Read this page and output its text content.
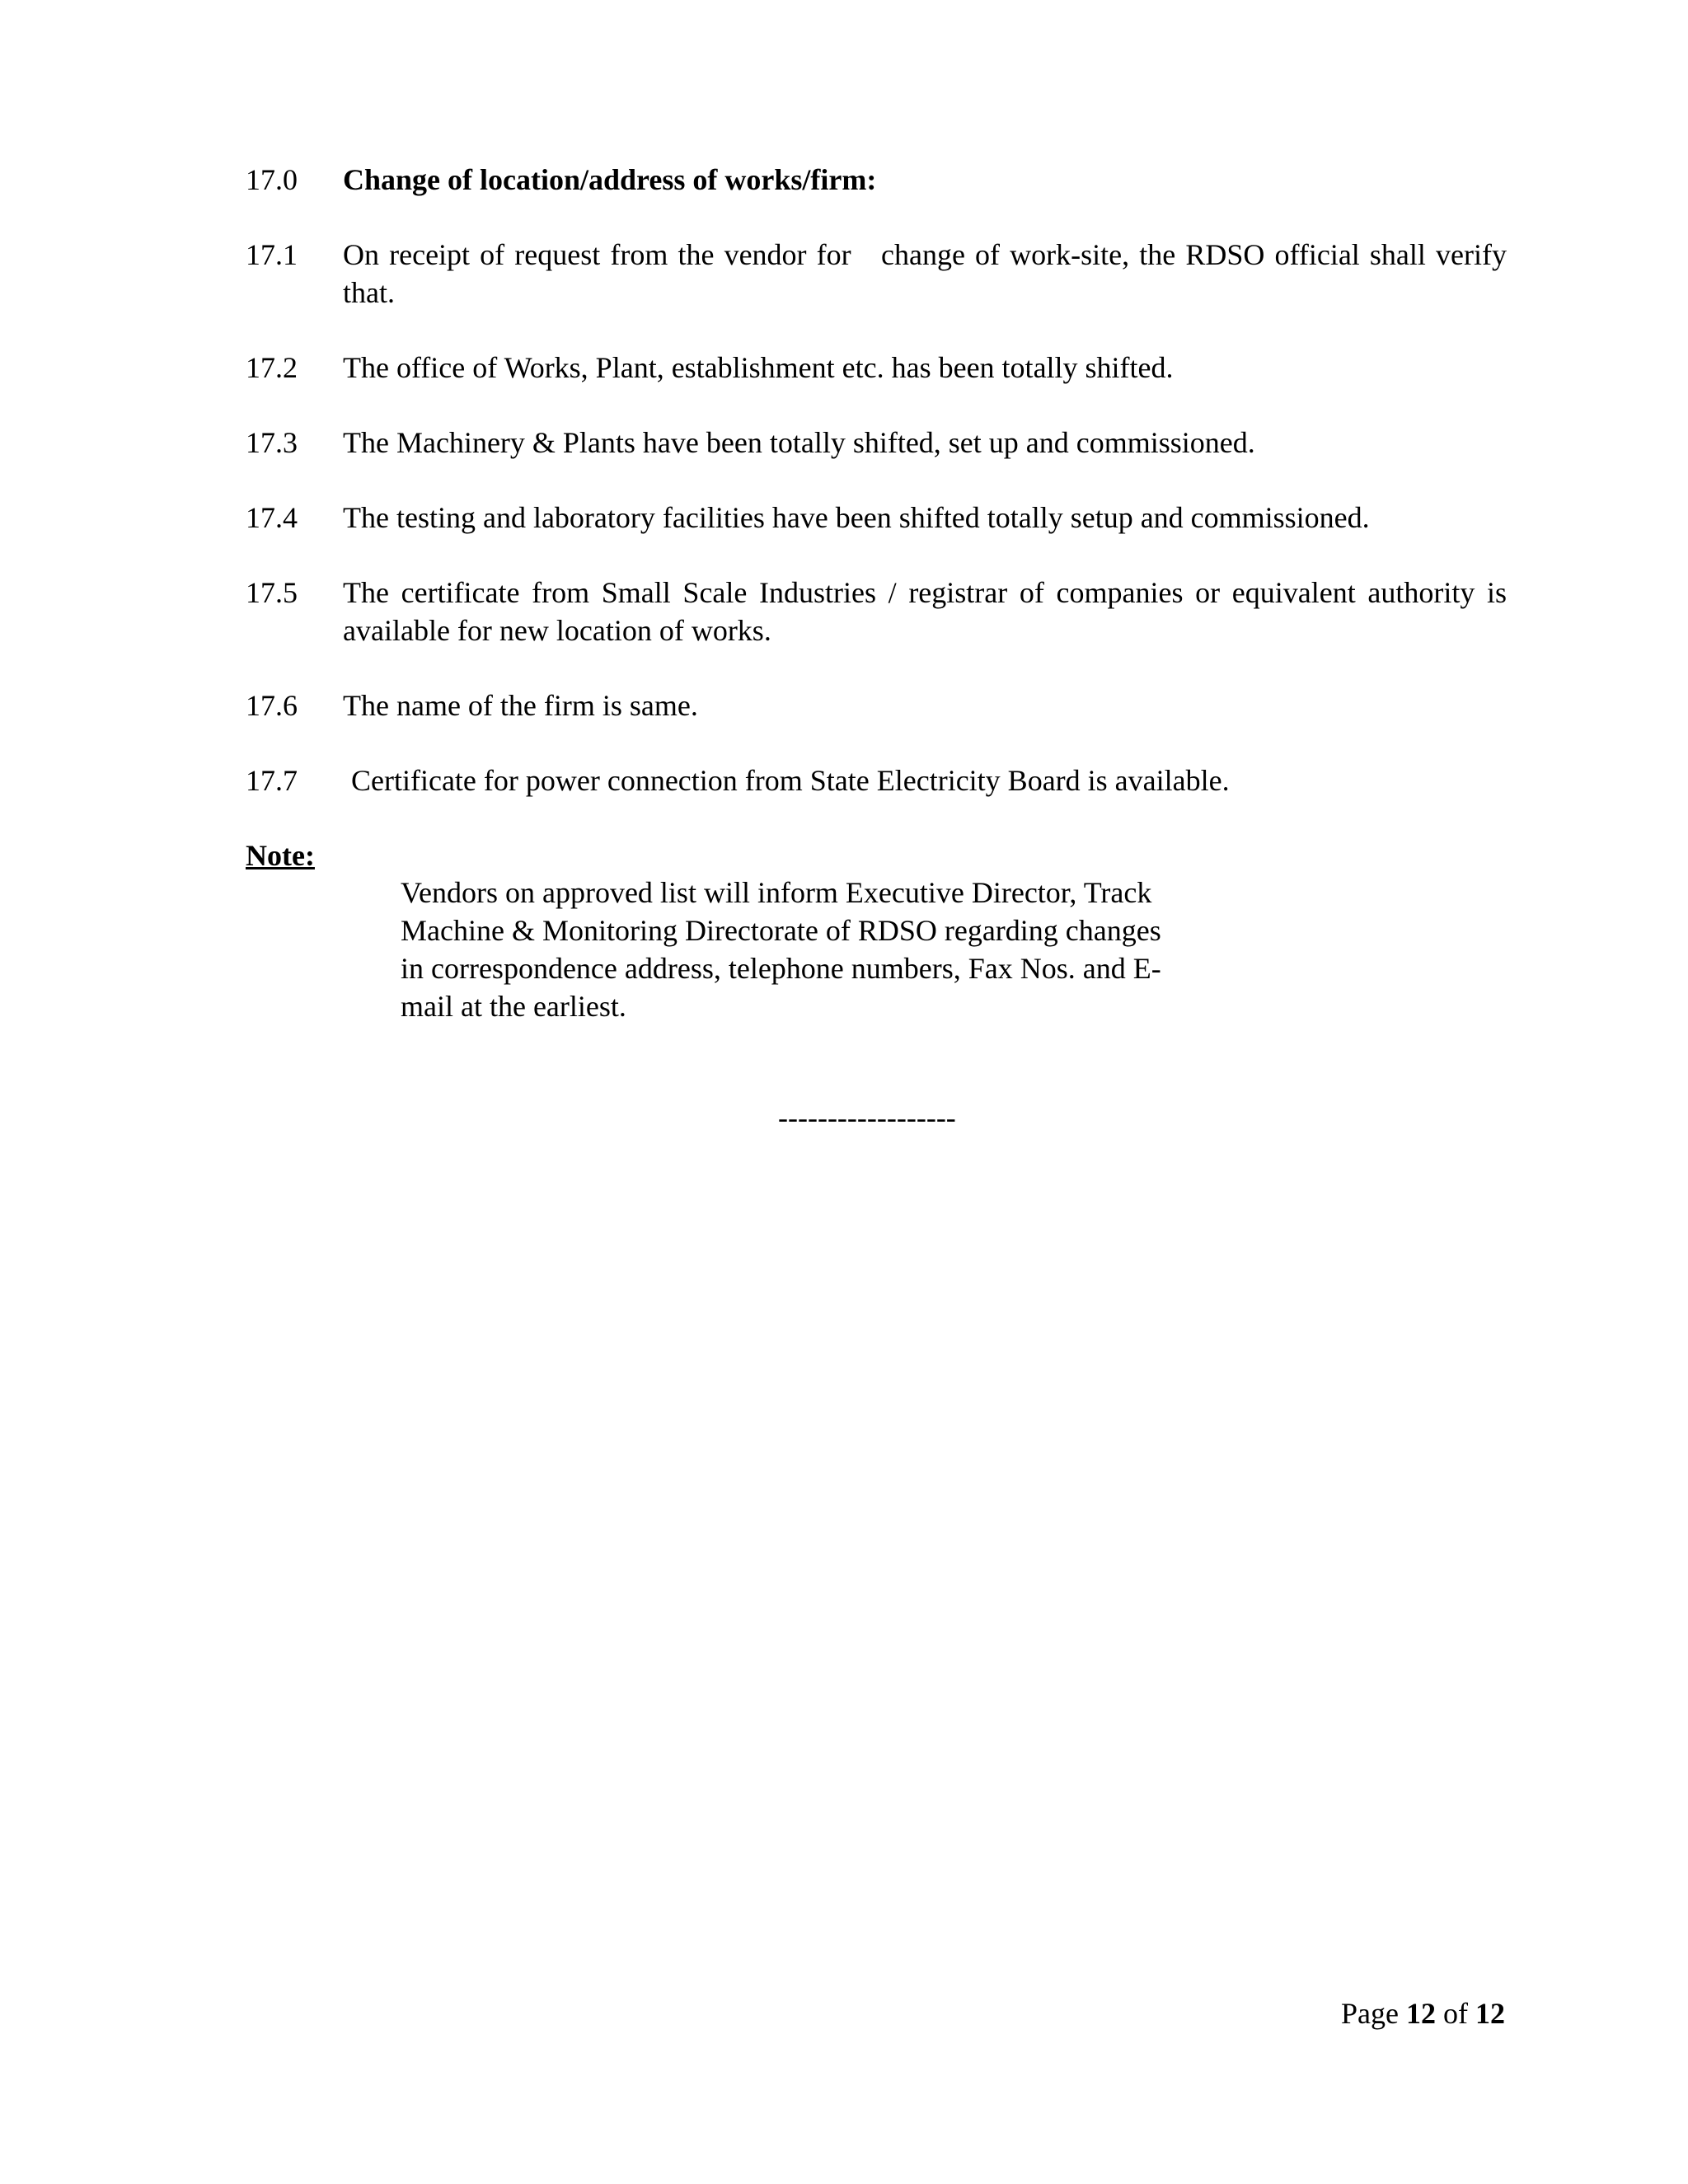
17.0	Change of location/address of works/firm:
17.1	On receipt of request from the vendor for   change of work-site, the RDSO official shall verify that.
17.2	The office of Works, Plant, establishment etc. has been totally shifted.
17.3	The Machinery & Plants have been totally shifted, set up and commissioned.
17.4	The testing and laboratory facilities have been shifted totally setup and commissioned.
17.5	The certificate from Small Scale Industries / registrar of companies or equivalent authority is available for new location of works.
17.6	The name of the firm is same.
17.7	Certificate for power connection from State Electricity Board is available.
Note:
Vendors on approved list will inform Executive Director, Track
Machine & Monitoring Directorate of RDSO regarding changes
in correspondence address, telephone numbers, Fax Nos. and E-
mail at the earliest.
------------------
Page 12 of 12
